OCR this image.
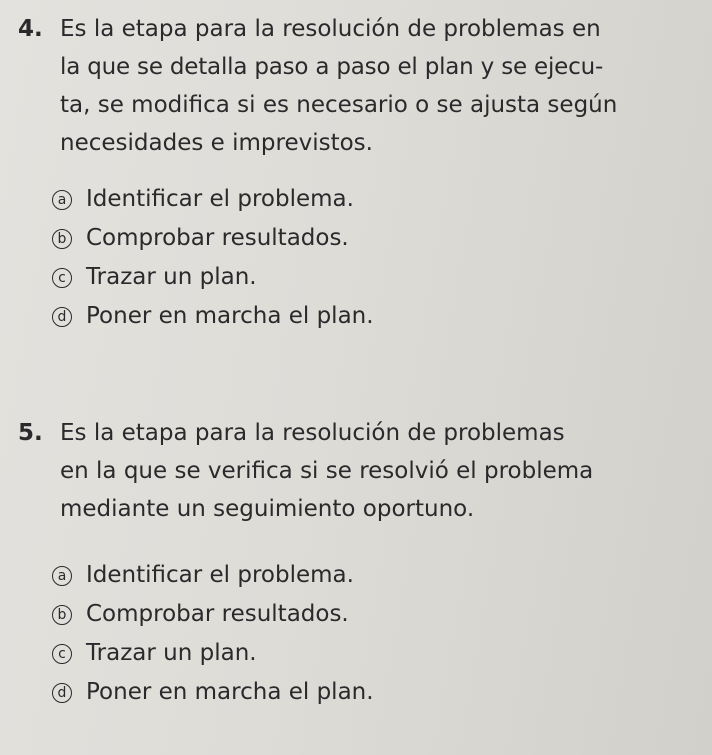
4. Es la etapa para la resolución de problemas en
la que se detalla paso a paso el plan y se ejecu-
ta, se modifica si es necesario o se ajusta según
necesidades e imprevistos.
a Identificar el problema.
b Comprobar resultados.
c Trazar un plan.
d Poner en marcha el plan.
5. Es la etapa para la resolución de problemas
en la que se verifica si se resolvió el problema
mediante un seguimiento oportuno.
a Identificar el problema.
b Comprobar resultados.
c Trazar un plan.
d Poner en marcha el plan.
